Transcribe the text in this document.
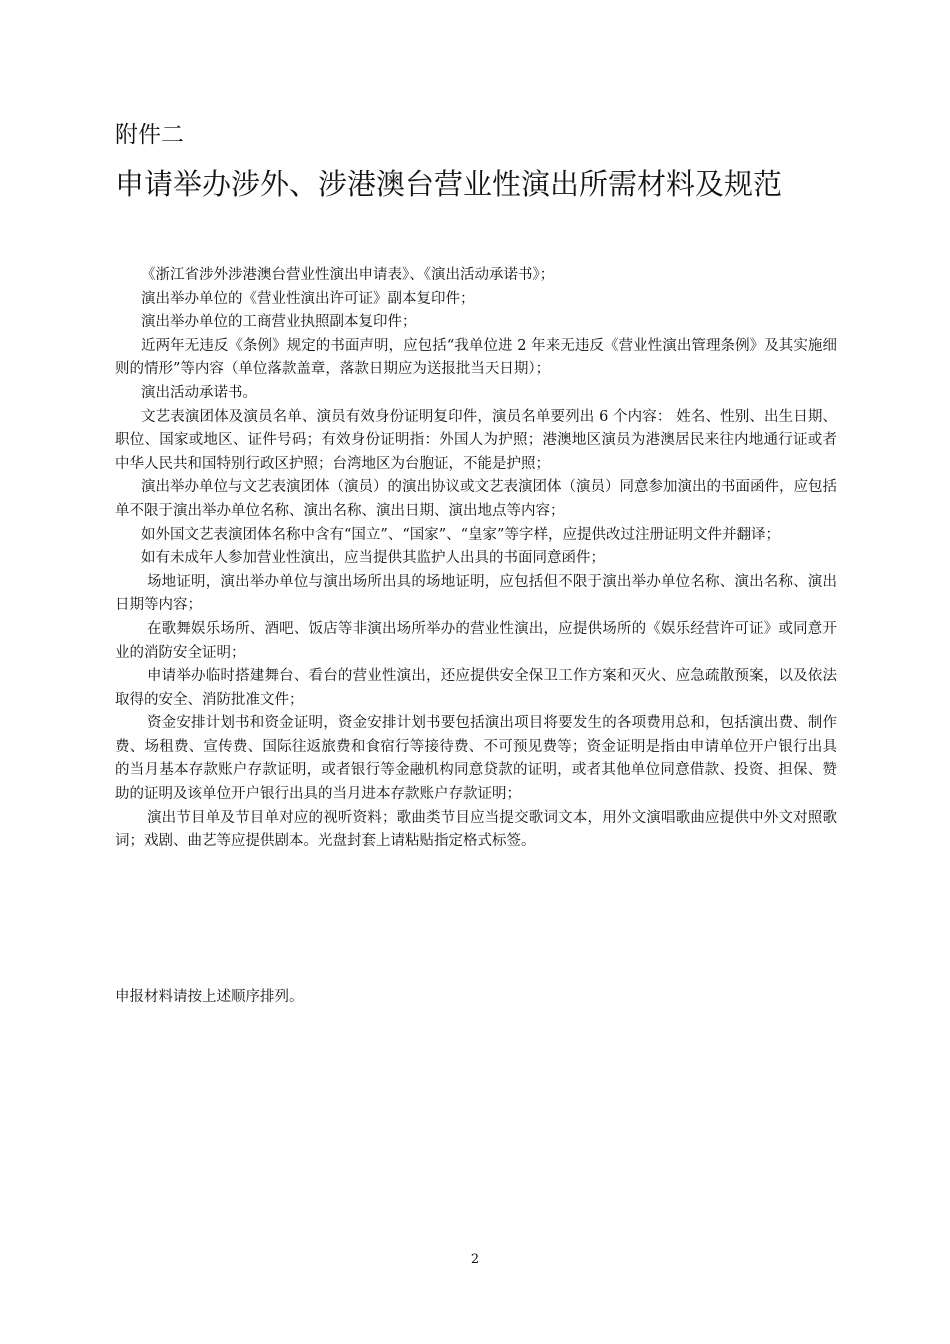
附件二
申请举办涉外、涉港澳台营业性演出所需材料及规范

《浙江省涉外涉港澳台营业性演出申请表》、《演出活动承诺书》；

演出举办单位的《营业性演出许可证》副本复印件；

演出举办单位的工商营业执照副本复印件；

近两年无违反《条例》规定的书面声明，应包括“我单位进 2 年来无违反《营业性演出管理条例》及其实施细则的情形”等内容（单位落款盖章，落款日期应为送报批当天日期）；

演出活动承诺书。

文艺表演团体及演员名单、演员有效身份证明复印件，演员名单要列出 6 个内容： 姓名、性别、出生日期、职位、国家或地区、证件号码；有效身份证明指：外国人为护照；港澳地区演员为港澳居民来往内地通行证或者中华人民共和国特别行政区护照；台湾地区为台胞证，不能是护照；

演出举办单位与文艺表演团体（演员）的演出协议或文艺表演团体（演员）同意参加演出的书面函件，应包括单不限于演出举办单位名称、演出名称、演出日期、演出地点等内容；

如外国文艺表演团体名称中含有“国立”、“国家”、“皇家”等字样，应提供改过注册证明文件并翻译；

如有未成年人参加营业性演出，应当提供其监护人出具的书面同意函件；

场地证明，演出举办单位与演出场所出具的场地证明，应包括但不限于演出举办单位名称、演出名称、演出日期等内容；

在歌舞娱乐场所、酒吧、饭店等非演出场所举办的营业性演出，应提供场所的《娱乐经营许可证》或同意开业的消防安全证明；

申请举办临时搭建舞台、看台的营业性演出，还应提供安全保卫工作方案和灭火、应急疏散预案，以及依法取得的安全、消防批准文件；

资金安排计划书和资金证明，资金安排计划书要包括演出项目将要发生的各项费用总和，包括演出费、制作费、场租费、宣传费、国际往返旅费和食宿行等接待费、不可预见费等；资金证明是指由申请单位开户银行出具的当月基本存款账户存款证明，或者银行等金融机构同意贷款的证明，或者其他单位同意借款、投资、担保、赞助的证明及该单位开户银行出具的当月进本存款账户存款证明；

演出节目单及节目单对应的视听资料；歌曲类节目应当提交歌词文本，用外文演唱歌曲应提供中外文对照歌词；戏剧、曲艺等应提供剧本。光盘封套上请粘贴指定格式标签。

申报材料请按上述顺序排列。
2
